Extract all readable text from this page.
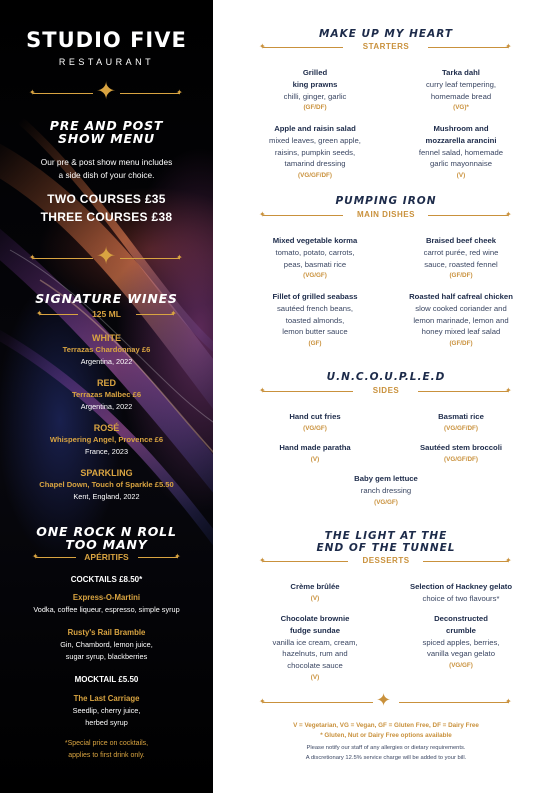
STUDIO FIVE
RESTAURANT
✦	✦
✦
PRE AND POST
SHOW MENU
Our pre & post show menu includes
a side dish of your choice.
TWO COURSES £35
THREE COURSES £38
✦	✦
✦
SIGNATURE WINES
✦	✦
125 ML
WHITE
Terrazas Chardonnay £6
Argentina, 2022
RED
Terrazas Malbec £6
Argentina, 2022
ROSÉ
Whispering Angel, Provence £6
France, 2023
SPARKLING
Chapel Down, Touch of Sparkle £5.50
Kent, England, 2022
ONE ROCK N ROLL
TOO MANY
✦	✦
APÉRITIFS
COCKTAILS £8.50*
Express-O-Martini
Vodka, coffee liqueur, espresso, simple syrup
Rusty's Rail Bramble
Gin, Chambord, lemon juice,
sugar syrup, blackberries
MOCKTAIL £5.50
The Last Carriage
Seedlip, cherry juice,
herbed syrup
*Special price on cocktails,
applies to first drink only.
MAKE UP MY HEART
✦	✦
STARTERS
Grilled
king prawns
chilli, ginger, garlic
(GF/DF)
Tarka dahl
curry leaf tempering,
homemade bread
(VG)*
Apple and raisin salad
mixed leaves, green apple,
raisins, pumpkin seeds,
tamarind dressing
(VG/GF/DF)
Mushroom and
mozzarella arancini
fennel salad, homemade
garlic mayonnaise
(V)
PUMPING IRON
✦	✦
MAIN DISHES
Mixed vegetable korma
tomato, potato, carrots,
peas, basmati rice
(VG/GF)
Braised beef cheek
carrot purée, red wine
sauce, roasted fennel
(GF/DF)
Fillet of grilled seabass
sautéed french beans,
toasted almonds,
lemon butter sauce
(GF)
Roasted half cafreal chicken
slow cooked coriander and
lemon marinade, lemon and
honey mixed leaf salad
(GF/DF)
U.N.C.O.U.P.L.E.D
✦	✦
SIDES
Hand cut fries
(VG/GF)
Basmati rice
(VG/GF/DF)
Hand made paratha
(V)
Sautéed stem broccoli
(VG/GF/DF)
Baby gem lettuce
ranch dressing
(VG/GF)
THE LIGHT AT THE
END OF THE TUNNEL
✦	✦
DESSERTS
Crème brûlée
(V)
Selection of Hackney gelato
choice of two flavours*
Chocolate brownie
fudge sundae
vanilla ice cream, cream,
hazelnuts, rum and
chocolate sauce
(V)
Deconstructed
crumble
spiced apples, berries,
vanilla vegan gelato
(VG/GF)
✦	✦
✦
V = Vegetarian, VG = Vegan, GF = Gluten Free, DF = Dairy Free
* Gluten, Nut or Dairy Free options available
Please notify our staff of any allergies or dietary requirements.
A discretionary 12.5% service charge will be added to your bill.
